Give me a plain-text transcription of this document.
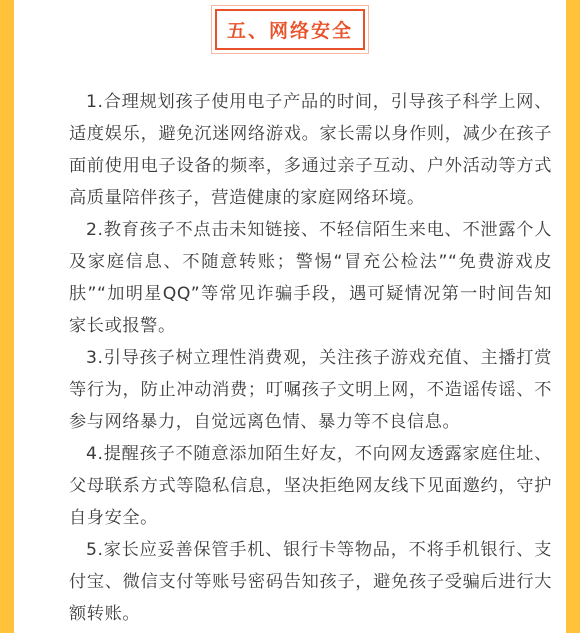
五、网络安全

1.合理规划孩子使用电子产品的时间，引导孩子科学上网、适度娱乐，避免沉迷网络游戏。家长需以身作则，减少在孩子面前使用电子设备的频率，多通过亲子互动、户外活动等方式高质量陪伴孩子，营造健康的家庭网络环境。

2.教育孩子不点击未知链接、不轻信陌生来电、不泄露个人及家庭信息、不随意转账；警惕“冒充公检法”“免费游戏皮肤”“加明星QQ”等常见诈骗手段，遇可疑情况第一时间告知家长或报警。

3.引导孩子树立理性消费观，关注孩子游戏充值、主播打赏等行为，防止冲动消费；叮嘱孩子文明上网，不造谣传谣、不参与网络暴力，自觉远离色情、暴力等不良信息。

4.提醒孩子不随意添加陌生好友，不向网友透露家庭住址、父母联系方式等隐私信息，坚决拒绝网友线下见面邀约，守护自身安全。

5.家长应妥善保管手机、银行卡等物品，不将手机银行、支付宝、微信支付等账号密码告知孩子，避免孩子受骗后进行大额转账。
